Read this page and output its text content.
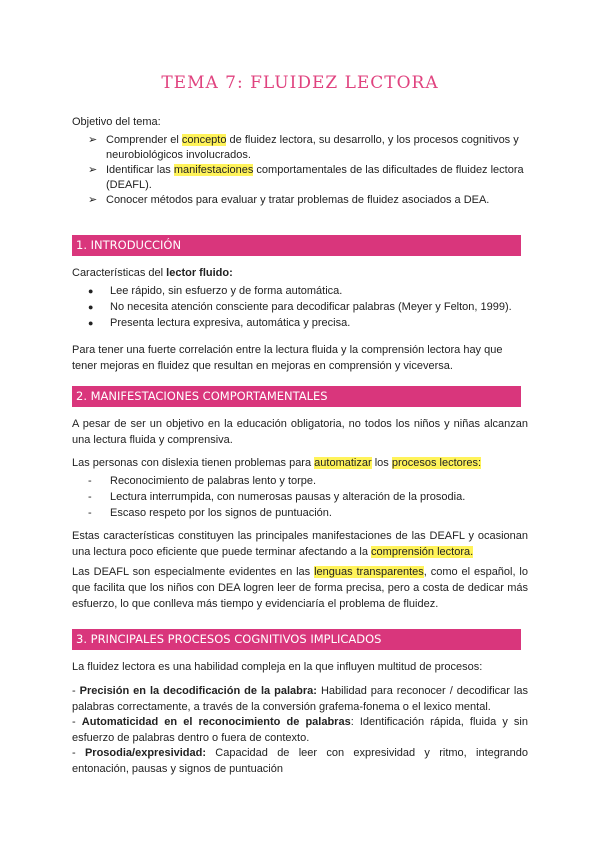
TEMA 7: FLUIDEZ LECTORA

Objetivo del tema:

➢ Comprender el concepto de fluidez lectora, su desarrollo, y los procesos cognitivos y neurobiológicos involucrados.
➢ Identificar las manifestaciones comportamentales de las dificultades de fluidez lectora (DEAFL).
➢ Conocer métodos para evaluar y tratar problemas de fluidez asociados a DEA.
1. INTRODUCCIÓN

Características del lector fluido:

● Lee rápido, sin esfuerzo y de forma automática.
● No necesita atención consciente para decodificar palabras (Meyer y Felton, 1999).
● Presenta lectura expresiva, automática y precisa.

Para tener una fuerte correlación entre la lectura fluida y la comprensión lectora hay que tener mejoras en fluidez que resultan en mejoras en comprensión y viceversa.

2. MANIFESTACIONES COMPORTAMENTALES

A pesar de ser un objetivo en la educación obligatoria, no todos los niños y niñas alcanzan una lectura fluida y comprensiva.

Las personas con dislexia tienen problemas para automatizar los procesos lectores:

- Reconocimiento de palabras lento y torpe.
- Lectura interrumpida, con numerosas pausas y alteración de la prosodia.
- Escaso respeto por los signos de puntuación.

Estas características constituyen las principales manifestaciones de las DEAFL y ocasionan una lectura poco eficiente que puede terminar afectando a la comprensión lectora.

Las DEAFL son especialmente evidentes en las lenguas transparentes, como el español, lo que facilita que los niños con DEA logren leer de forma precisa, pero a costa de dedicar más esfuerzo, lo que conlleva más tiempo y evidenciaría el problema de fluidez.

3. PRINCIPALES PROCESOS COGNITIVOS IMPLICADOS

La fluidez lectora es una habilidad compleja en la que influyen multitud de procesos:

- Precisión en la decodificación de la palabra: Habilidad para reconocer / decodificar las palabras correctamente, a través de la conversión grafema-fonema o el lexico mental.

- Automaticidad en el reconocimiento de palabras: Identificación rápida, fluida y sin esfuerzo de palabras dentro o fuera de contexto.

- Prosodia/expresividad: Capacidad de leer con expresividad y ritmo, integrando entonación, pausas y signos de puntuación
